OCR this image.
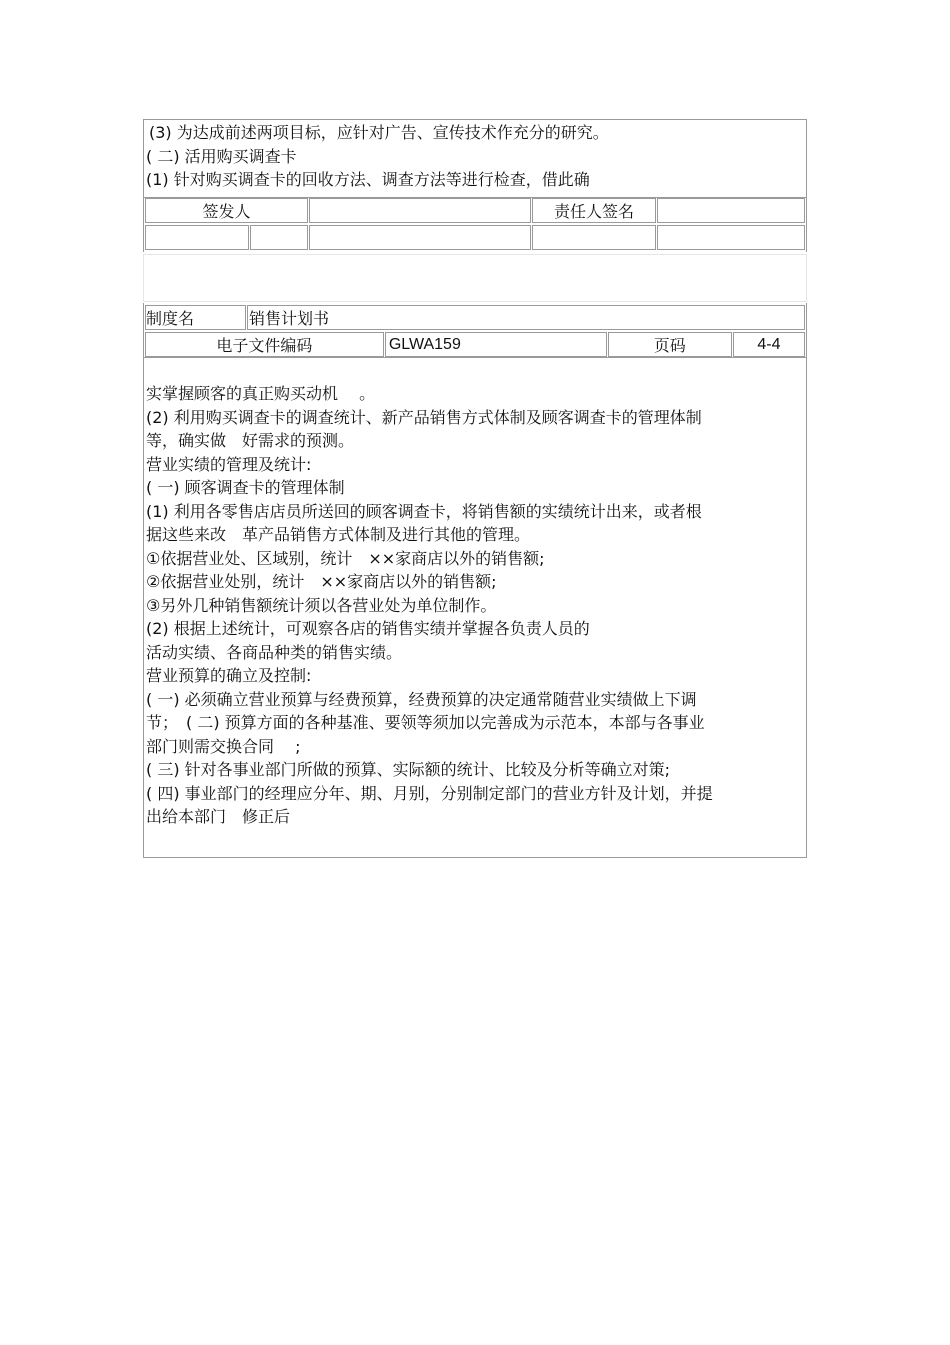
(3) 为达成前述两项目标，应针对广告、宣传技术作充分的研究。
( 二) 活用购买调查卡
(1) 针对购买调查卡的回收方法、调查方法等进行检查，借此确
签发人			责任人签名	

制度名	销售计划书			
电子文件编码		GLWA159	页码	4-4
实掌握顾客的真正购买动机　 。
(2) 利用购买调查卡的调查统计、新产品销售方式体制及顾客调查卡的管理体制
等，确实做　好需求的预测。
营业实绩的管理及统计:
( 一) 顾客调查卡的管理体制
(1) 利用各零售店店员所送回的顾客调查卡，将销售额的实绩统计出来，或者根
据这些来改　革产品销售方式体制及进行其他的管理。
①依据营业处、区域别，统计　××家商店以外的销售额;
②依据营业处别，统计　××家商店以外的销售额;
③另外几种销售额统计须以各营业处为单位制作。
(2) 根据上述统计，可观察各店的销售实绩并掌握各负责人员的
活动实绩、各商品种类的销售实绩。
营业预算的确立及控制:
( 一) 必须确立营业预算与经费预算，经费预算的决定通常随营业实绩做上下调
节；　( 二) 预算方面的各种基准、要领等须加以完善成为示范本，本部与各事业
部门则需交换合同　 ;
( 三) 针对各事业部门所做的预算、实际额的统计、比较及分析等确立对策;
( 四) 事业部门的经理应分年、期、月别，分别制定部门的营业方针及计划，并提
出给本部门　修正后
